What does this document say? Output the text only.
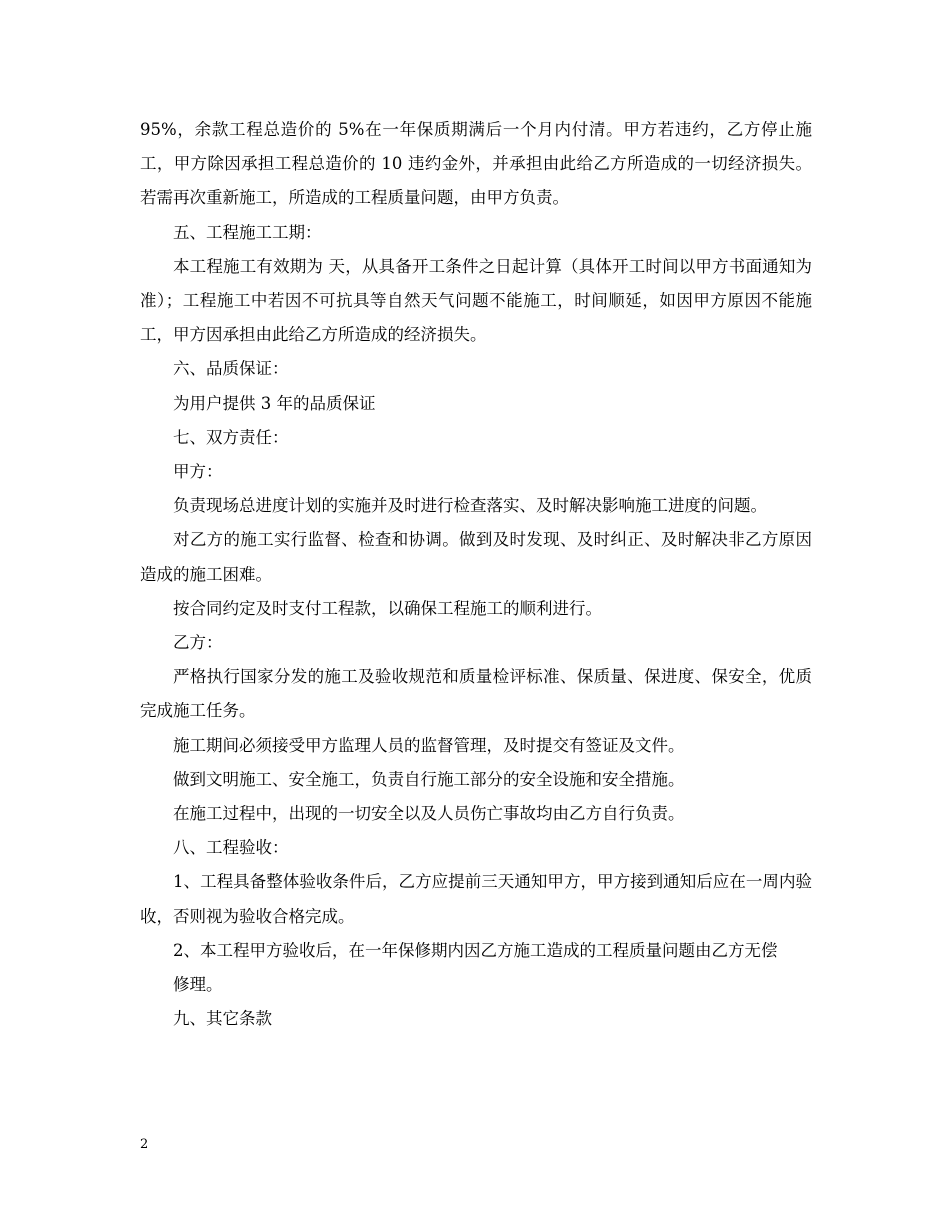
95%，余款工程总造价的 5%在一年保质期满后一个月内付清。甲方若违约，乙方停止施工，甲方除因承担工程总造价的 10 违约金外，并承担由此给乙方所造成的一切经济损失。若需再次重新施工，所造成的工程质量问题，由甲方负责。

五、工程施工工期：

本工程施工有效期为 天，从具备开工条件之日起计算（具体开工时间以甲方书面通知为准）；工程施工中若因不可抗具等自然天气问题不能施工，时间顺延，如因甲方原因不能施工，甲方因承担由此给乙方所造成的经济损失。

六、品质保证：

为用户提供 3 年的品质保证

七、双方责任：

甲方：

负责现场总进度计划的实施并及时进行检查落实、及时解决影响施工进度的问题。

对乙方的施工实行监督、检查和协调。做到及时发现、及时纠正、及时解决非乙方原因造成的施工困难。

按合同约定及时支付工程款，以确保工程施工的顺利进行。

乙方：

严格执行国家分发的施工及验收规范和质量检评标准、保质量、保进度、保安全，优质完成施工任务。

施工期间必须接受甲方监理人员的监督管理，及时提交有签证及文件。

做到文明施工、安全施工，负责自行施工部分的安全设施和安全措施。

在施工过程中，出现的一切安全以及人员伤亡事故均由乙方自行负责。

八、工程验收：

1、工程具备整体验收条件后，乙方应提前三天通知甲方，甲方接到通知后应在一周内验收，否则视为验收合格完成。

2、本工程甲方验收后，在一年保修期内因乙方施工造成的工程质量问题由乙方无偿

修理。

九、其它条款

2
